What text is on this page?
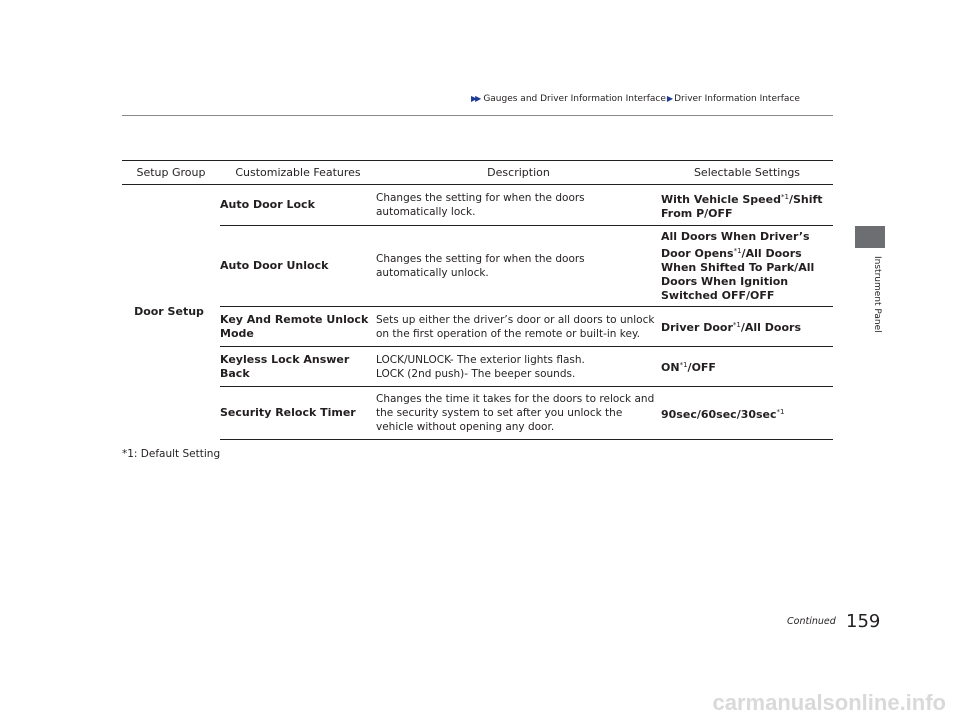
▶▶ Gauges and Driver Information Interface▶Driver Information Interface
Instrument Panel
Setup Group	Customizable Features	Description	Selectable Settings
Door Setup	Auto Door Lock	Changes the setting for when the doors
automatically lock.	With Vehicle Speed$^{*1}$/Shift
From P/OFF
	Auto Door Unlock	Changes the setting for when the doors
automatically unlock.	All Doors When Driver’s
Door Opens$^{*1}$/All Doors
When Shifted To Park/All
Doors When Ignition
Switched OFF/OFF
	Key And Remote Unlock
Mode	Sets up either the driver’s door or all doors to unlock
on the first operation of the remote or built-in key.	Driver Door$^{*1}$/All Doors
	Keyless Lock Answer
Back	LOCK/UNLOCK- The exterior lights flash.
LOCK (2nd push)- The beeper sounds.	ON$^{*1}$/OFF
	Security Relock Timer	Changes the time it takes for the doors to relock and
the security system to set after you unlock the
vehicle without opening any door.	$90\sec/60\sec/30\sec^{*1}$
*1: Default Setting
Continued 159
carmanualsonline.info
